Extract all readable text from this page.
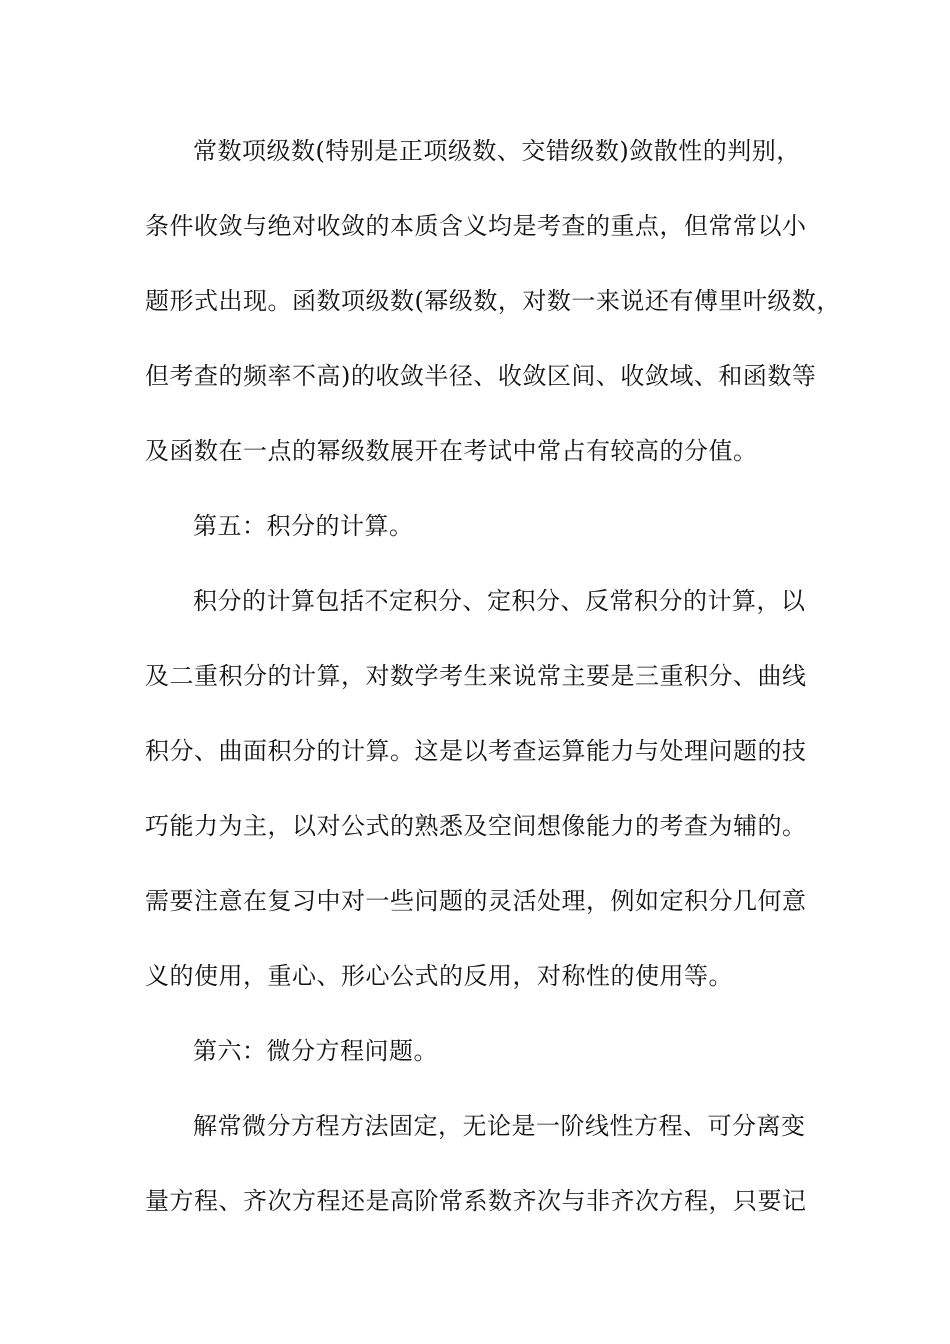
常数项级数(特别是正项级数、交错级数)敛散性的判别，
条件收敛与绝对收敛的本质含义均是考查的重点，但常常以小
题形式出现。函数项级数(幂级数，对数一来说还有傅里叶级数，
但考查的频率不高)的收敛半径、收敛区间、收敛域、和函数等
及函数在一点的幂级数展开在考试中常占有较高的分值。
第五：积分的计算。
积分的计算包括不定积分、定积分、反常积分的计算，以
及二重积分的计算，对数学考生来说常主要是三重积分、曲线
积分、曲面积分的计算。这是以考查运算能力与处理问题的技
巧能力为主，以对公式的熟悉及空间想像能力的考查为辅的。
需要注意在复习中对一些问题的灵活处理，例如定积分几何意
义的使用，重心、形心公式的反用，对称性的使用等。
第六：微分方程问题。
解常微分方程方法固定，无论是一阶线性方程、可分离变
量方程、齐次方程还是高阶常系数齐次与非齐次方程，只要记
